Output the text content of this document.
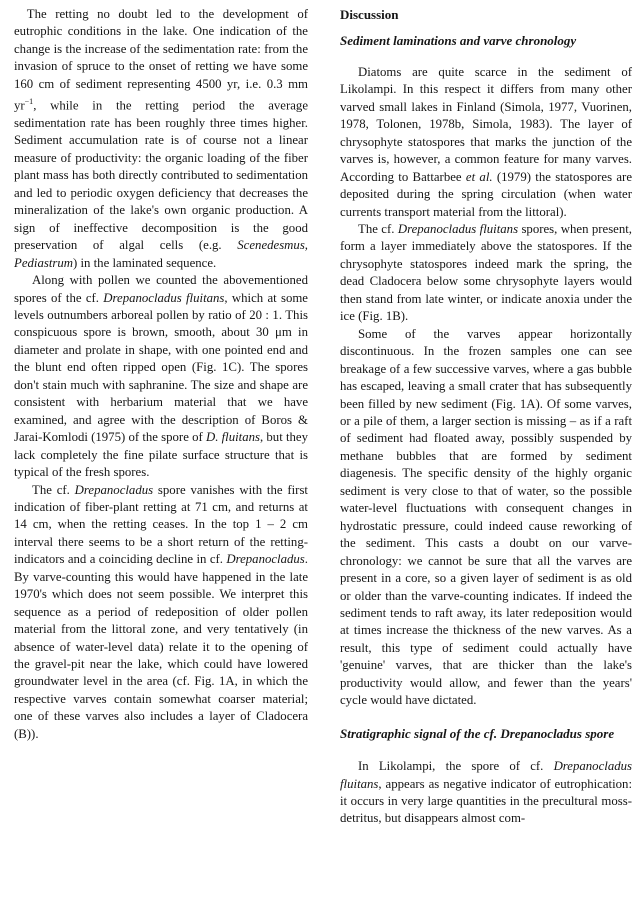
 The retting no doubt led to the development of eutrophic conditions in the lake. One indication of the change is the increase of the sedimentation rate: from the invasion of spruce to the onset of retting we have some 160 cm of sediment representing 4500 yr, i.e. 0.3 mm $yr^{-1}$, while in the retting period the average sedimentation rate has been roughly three times higher. Sediment accumulation rate is of course not a linear measure of productivity: the organic loading of the fiber plant mass has both directly contributed to sedimentation and led to periodic oxygen deficiency that decreases the mineralization of the lake's own organic production. A sign of ineffective decomposition is the good preservation of algal cells (e.g. Scenedesmus, Pediastrum) in the laminated sequence.

Along with pollen we counted the abovementioned spores of the cf. Drepanocladus fluitans, which at some levels outnumbers arboreal pollen by ratio of 20 : 1. This conspicuous spore is brown, smooth, about 30 μm in diameter and prolate in shape, with one pointed end and the blunt end often ripped open (Fig. 1C). The spores don't stain much with saphranine. The size and shape are consistent with herbarium material that we have examined, and agree with the description of Boros & Jarai-Komlodi (1975) of the spore of D. fluitans, but they lack completely the fine pilate surface structure that is typical of the fresh spores.

The cf. Drepanocladus spore vanishes with the first indication of fiber-plant retting at 71 cm, and returns at 14 cm, when the retting ceases. In the top 1 – 2 cm interval there seems to be a short return of the retting-indicators and a coinciding decline in cf. Drepanocladus. By varve-counting this would have happened in the late 1970's which does not seem possible. We interpret this sequence as a period of redeposition of older pollen material from the littoral zone, and very tentatively (in absence of water-level data) relate it to the opening of the gravel-pit near the lake, which could have lowered groundwater level in the area (cf. Fig. 1A, in which the respective varves contain somewhat coarser material; one of these varves also includes a layer of Cladocera (B)).

Discussion
Sediment laminations and varve chronology

Diatoms are quite scarce in the sediment of Likolampi. In this respect it differs from many other varved small lakes in Finland (Simola, 1977, Vuorinen, 1978, Tolonen, 1978b, Simola, 1983). The layer of chrysophyte statospores that marks the junction of the varves is, however, a common feature for many varves. According to Battarbee et al. (1979) the statospores are deposited during the spring circulation (when water currents transport material from the littoral).

The cf. Drepanocladus fluitans spores, when present, form a layer immediately above the statospores. If the chrysophyte statospores indeed mark the spring, the dead Cladocera below some chrysophyte layers would then stand from late winter, or indicate anoxia under the ice (Fig. 1B).

Some of the varves appear horizontally discontinuous. In the frozen samples one can see breakage of a few successive varves, where a gas bubble has escaped, leaving a small crater that has subsequently been filled by new sediment (Fig. 1A). Of some varves, or a pile of them, a larger section is missing – as if a raft of sediment had floated away, possibly suspended by methane bubbles that are formed by sediment diagenesis. The specific density of the highly organic sediment is very close to that of water, so the possible water-level fluctuations with consequent changes in hydrostatic pressure, could indeed cause reworking of the sediment. This casts a doubt on our varve-chronology: we cannot be sure that all the varves are present in a core, so a given layer of sediment is as old or older than the varve-counting indicates. If indeed the sediment tends to raft away, its later redeposition would at times increase the thickness of the new varves. As a result, this type of sediment could actually have 'genuine' varves, that are thicker than the lake's productivity would allow, and fewer than the years' cycle would have dictated.

Stratigraphic signal of the cf. Drepanocladus spore

In Likolampi, the spore of cf. Drepanocladus fluitans, appears as negative indicator of eutrophication: it occurs in very large quantities in the precultural moss-detritus, but disappears almost com-
